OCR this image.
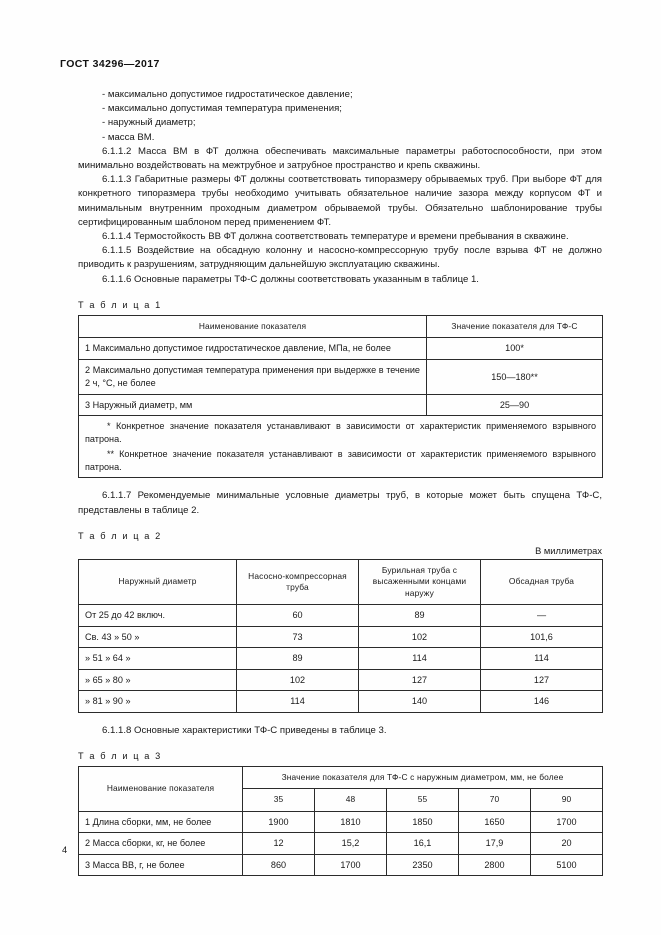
ГОСТ 34296—2017

- максимально допустимое гидростатическое давление;

- максимально допустимая температура применения;

- наружный диаметр;

- масса ВМ.

6.1.1.2 Масса ВМ в ФТ должна обеспечивать максимальные параметры работоспособности, при этом минимально воздействовать на межтрубное и затрубное пространство и крепь скважины.

6.1.1.3 Габаритные размеры ФТ должны соответствовать типоразмеру обрываемых труб. При выборе ФТ для конкретного типоразмера трубы необходимо учитывать обязательное наличие зазора между корпусом ФТ и минимальным внутренним проходным диаметром обрываемой трубы. Обязательно шаблонирование трубы сертифицированным шаблоном перед применением ФТ.

6.1.1.4 Термостойкость ВВ ФТ должна соответствовать температуре и времени пребывания в скважине.

6.1.1.5 Воздействие на обсадную колонну и насосно-компрессорную трубу после взрыва ФТ не должно приводить к разрушениям, затрудняющим дальнейшую эксплуатацию скважины.

6.1.1.6 Основные параметры ТФ-С должны соответствовать указанным в таблице 1.

Т а б л и ц а 1
Наименование показателя	Значение показателя для ТФ-С
1 Максимально допустимое гидростатическое давление, МПа, не более	100*
2 Максимально допустимая температура применения при выдержке в течение 2 ч, °С, не более	150—180**
3 Наружный диаметр, мм	25—90

* Конкретное значение показателя устанавливают в зависимости от характеристик применяемого взрывного патрона.

** Конкретное значение показателя устанавливают в зависимости от характеристик применяемого взрывного патрона.	

6.1.1.7 Рекомендуемые минимальные условные диаметры труб, в которые может быть спущена ТФ-С, представлены в таблице 2.

Т а б л и ц а 2
В миллиметрах
Наружный диаметр	Насосно-компрессорная труба	Бурильная труба с высаженными концами наружу	Обсадная труба
От 25 до 42 включ.	60	89	—
Св. 43 » 50 »	73	102	101,6
» 51 » 64 »	89	114	114
» 65 » 80 »	102	127	127
» 81 » 90 »	114	140	146

6.1.1.8 Основные характеристики ТФ-С приведены в таблице 3.

Т а б л и ц а 3
Наименование показателя	Значение показателя для ТФ-С с наружным диаметром, мм, не более				
	35	48	55	70	90
1 Длина сборки, мм, не более	1900	1810	1850	1650	1700
2 Масса сборки, кг, не более	12	15,2	16,1	17,9	20
3 Масса ВВ, г, не более	860	1700	2350	2800	5100
4
